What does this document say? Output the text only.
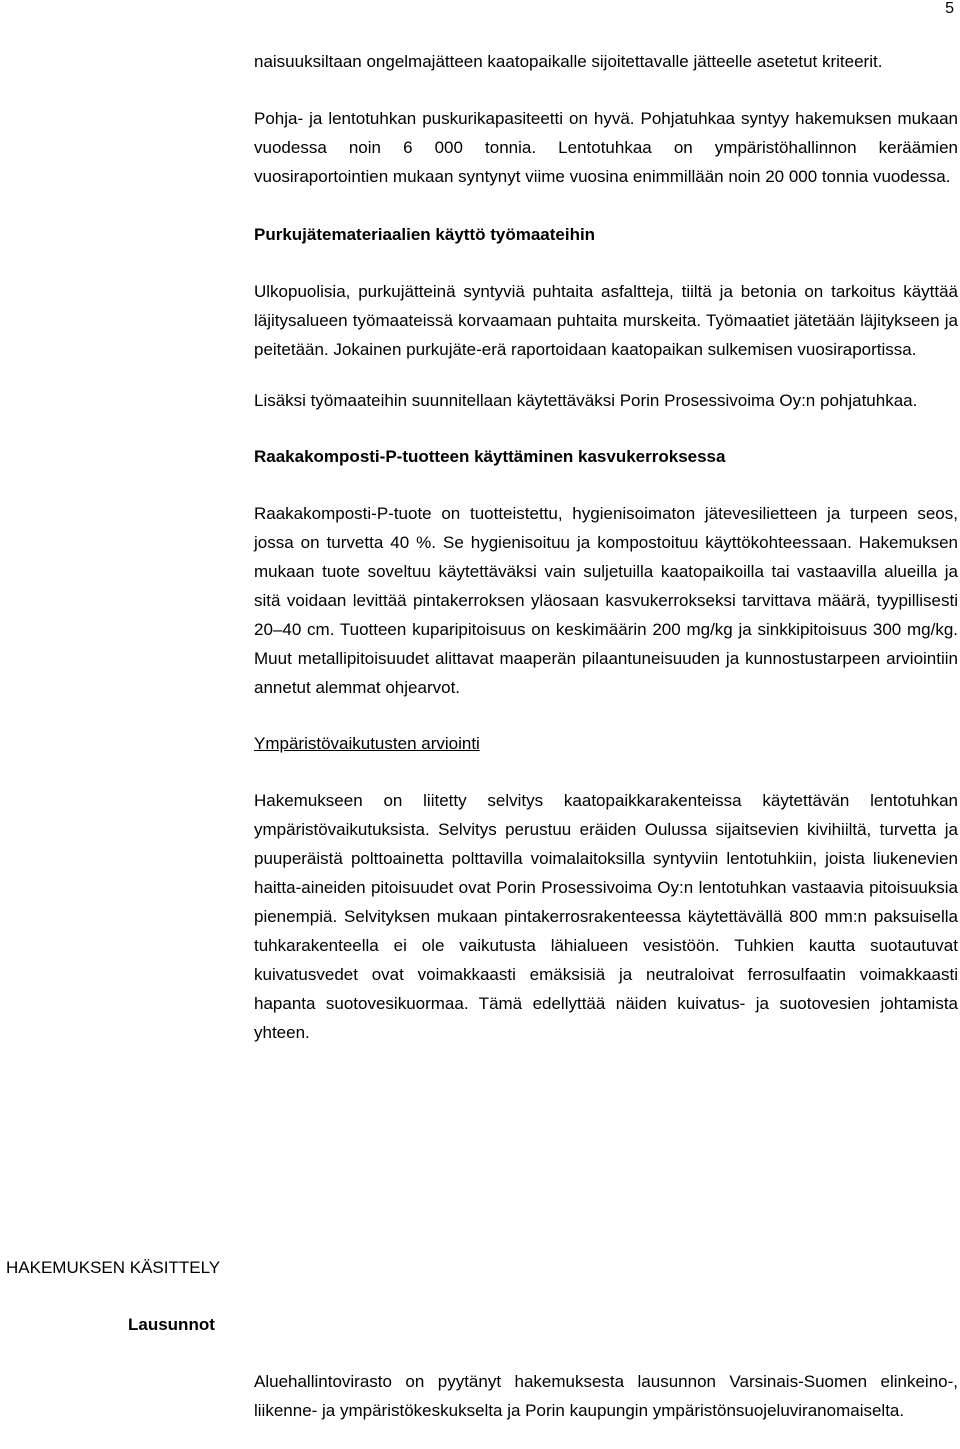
5

naisuuksiltaan ongelmajätteen kaatopaikalle sijoitettavalle jätteelle asetetut kriteerit.

Pohja- ja lentotuhkan puskurikapasiteetti on hyvä. Pohjatuhkaa syntyy hakemuksen mukaan vuodessa noin 6 000 tonnia. Lentotuhkaa on ympäristöhallinnon keräämien vuosiraportointien mukaan syntynyt viime vuosina enimmillään noin 20 000 tonnia vuodessa.

Purkujätemateriaalien käyttö työmaateihin

Ulkopuolisia, purkujätteinä syntyviä puhtaita asfaltteja, tiiltä ja betonia on tarkoitus käyttää läjitysalueen työmaateissä korvaamaan puhtaita murskeita. Työmaatiet jätetään läjitykseen ja peitetään. Jokainen purkujäte-erä raportoidaan kaatopaikan sulkemisen vuosiraportissa.

Lisäksi työmaateihin suunnitellaan käytettäväksi Porin Prosessivoima Oy:n pohjatuhkaa.

Raakakomposti-P-tuotteen käyttäminen kasvukerroksessa

Raakakomposti-P-tuote on tuotteistettu, hygienisoimaton jätevesilietteen ja turpeen seos, jossa on turvetta 40 %. Se hygienisoituu ja kompostoituu käyttökohteessaan. Hakemuksen mukaan tuote soveltuu käytettäväksi vain suljetuilla kaatopaikoilla tai vastaavilla alueilla ja sitä voidaan levittää pintakerroksen yläosaan kasvukerrokseksi tarvittava määrä, tyypillisesti 20–40 cm. Tuotteen kuparipitoisuus on keskimäärin 200 mg/kg ja sinkkipitoisuus 300 mg/kg. Muut metallipitoisuudet alittavat maaperän pilaantuneisuuden ja kunnostustarpeen arviointiin annetut alemmat ohjearvot.

Ympäristövaikutusten arviointi

Hakemukseen on liitetty selvitys kaatopaikkarakenteissa käytettävän lentotuhkan ympäristövaikutuksista. Selvitys perustuu eräiden Oulussa sijaitsevien kivihiiltä, turvetta ja puuperäistä polttoainetta polttavilla voimalaitoksilla syntyviin lentotuhkiin, joista liukenevien haitta-aineiden pitoisuudet ovat Porin Prosessivoima Oy:n lentotuhkan vastaavia pitoisuuksia pienempiä. Selvityksen mukaan pintakerrosrakenteessa käytettävällä 800 mm:n paksuisella tuhkarakenteella ei ole vaikutusta lähialueen vesistöön. Tuhkien kautta suotautuvat kuivatusvedet ovat voimakkaasti emäksisiä ja neutraloivat ferrosulfaatin voimakkaasti hapanta suotovesikuormaa. Tämä edellyttää näiden kuivatus- ja suotovesien johtamista yhteen.

HAKEMUKSEN KÄSITTELY
Lausunnot

Aluehallintovirasto on pyytänyt hakemuksesta lausunnon Varsinais-Suomen elinkeino-, liikenne- ja ympäristökeskukselta ja Porin kaupungin ympäristönsuojeluviranomaiselta.
